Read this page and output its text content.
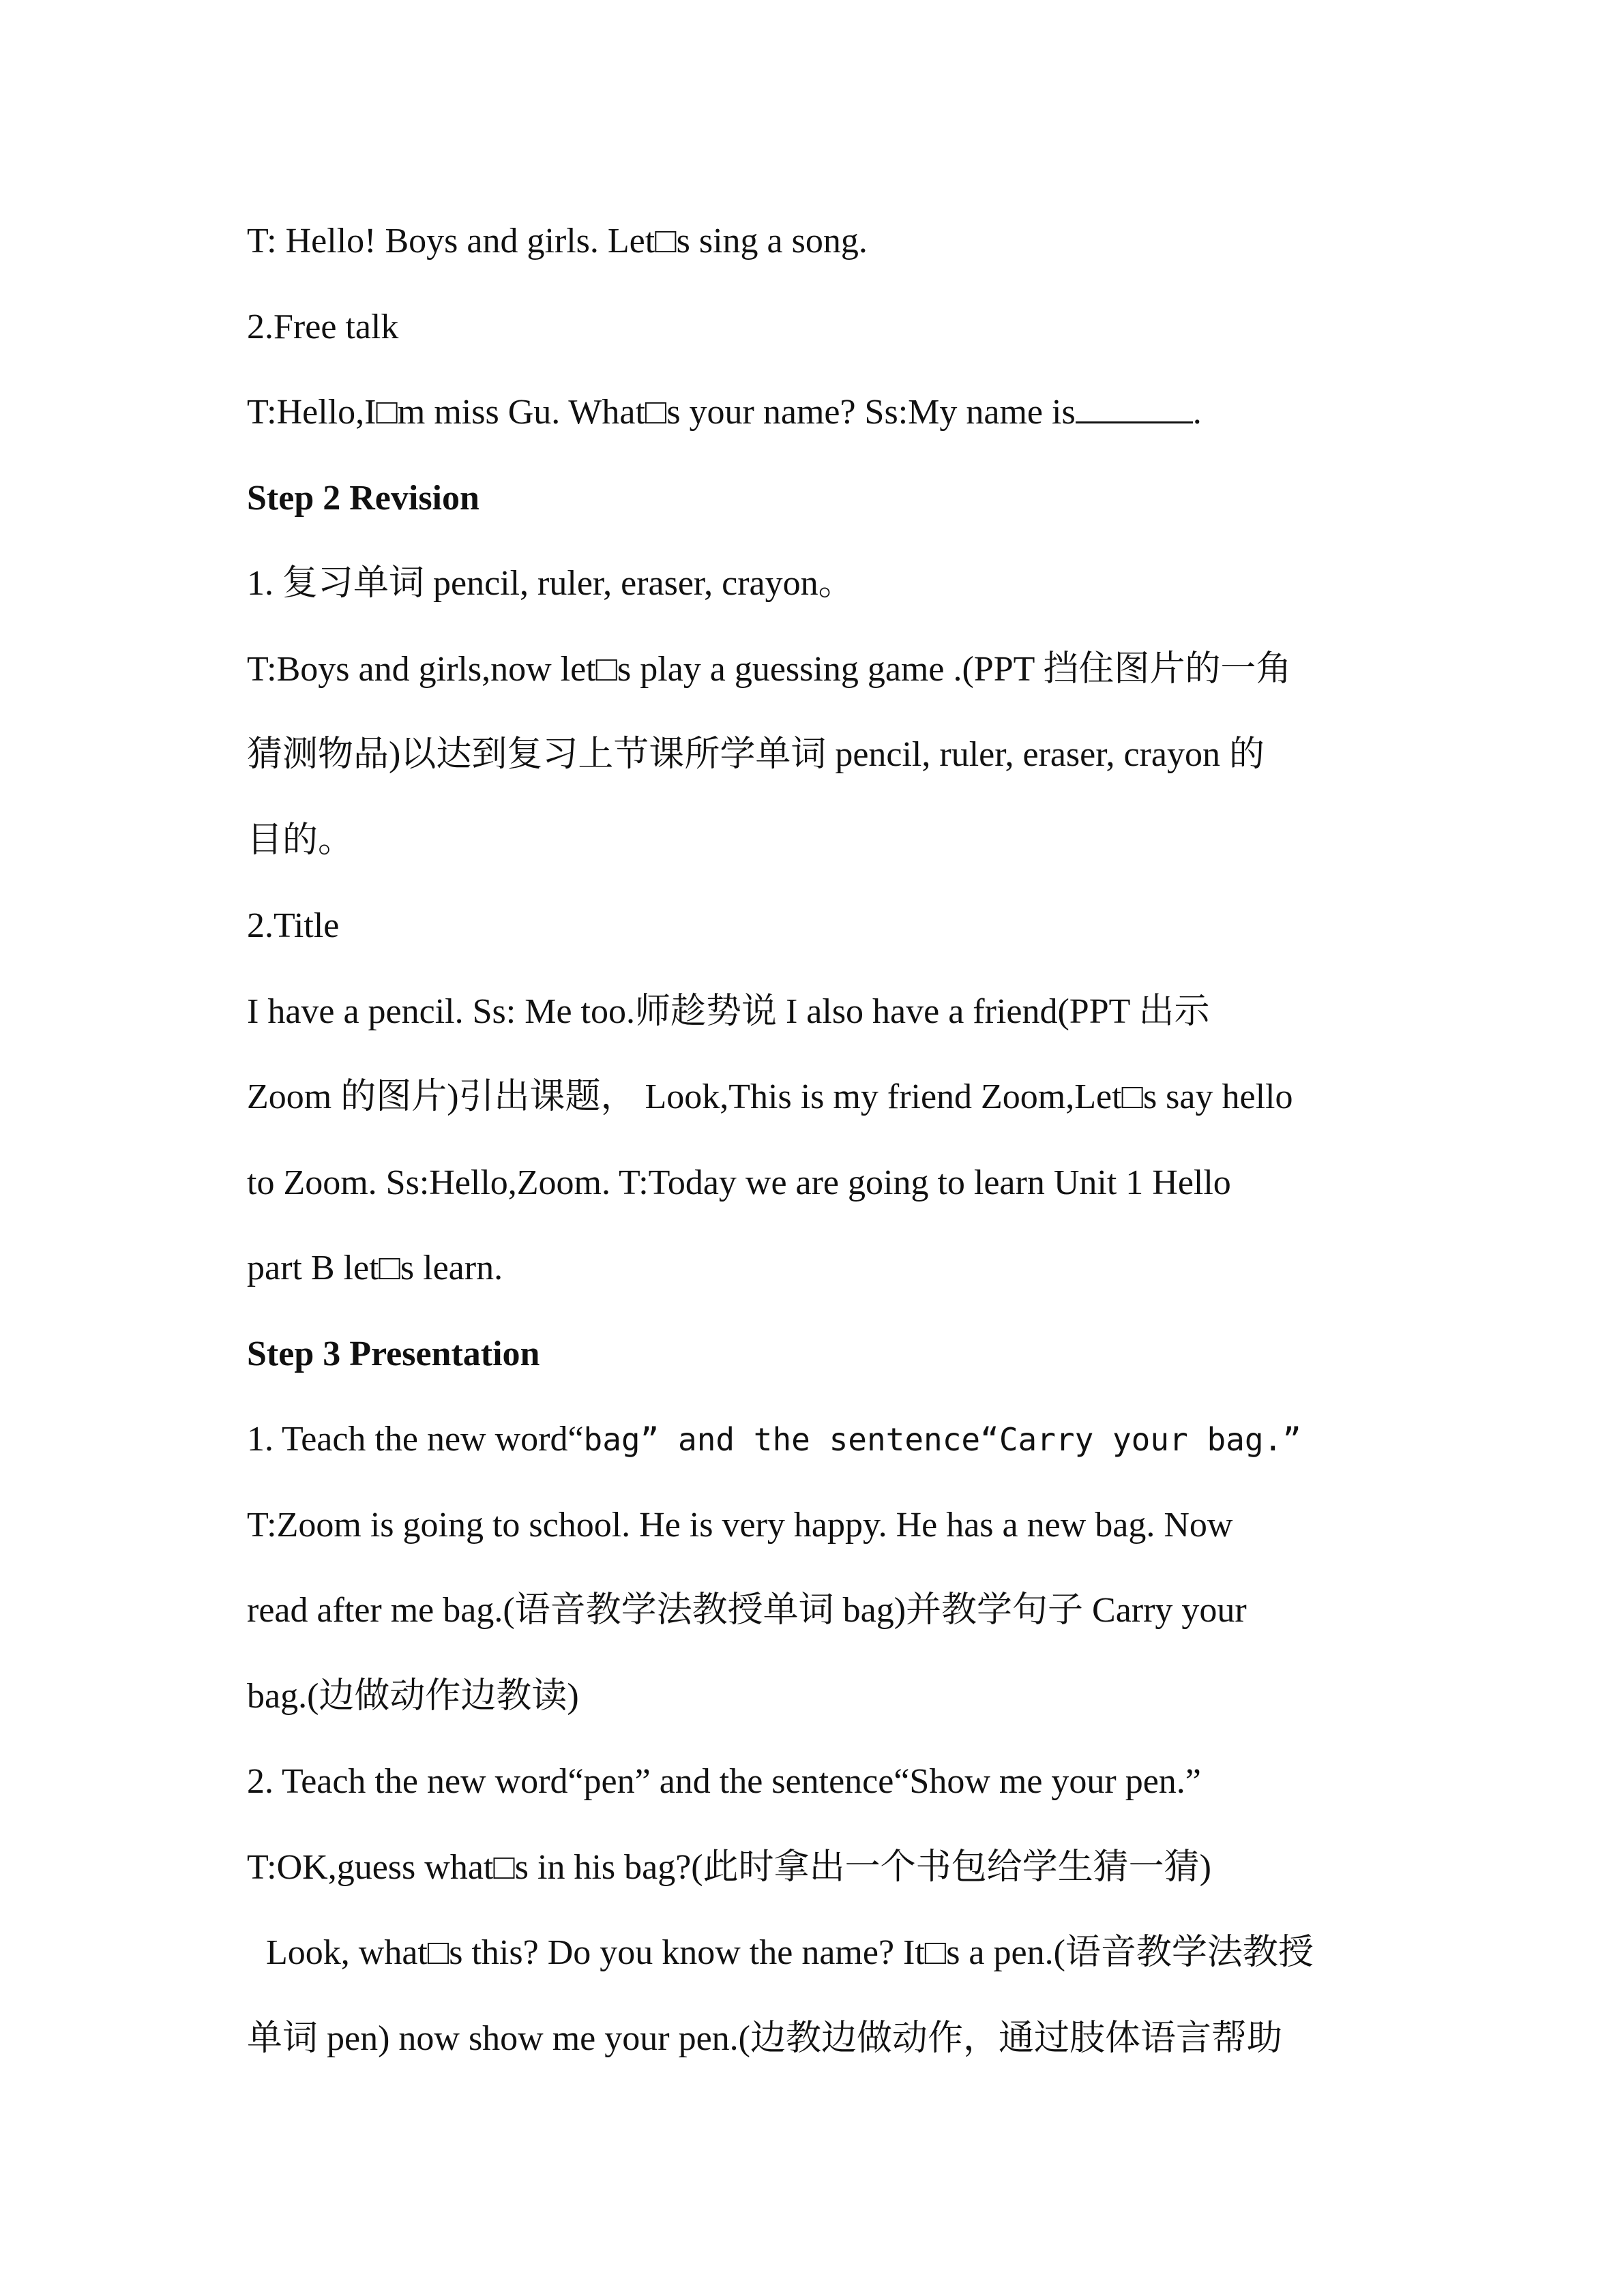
T: Hello! Boys and girls. Let□s sing a song.
2.Free talk
T:Hello,I□m miss Gu. What□s your name? Ss:My name is	.
Step 2 Revision
1. 复习单词 pencil, ruler, eraser, crayon。
T:Boys and girls,now let□s play a guessing game .(PPT 挡住图片的一角
猜测物品)以达到复习上节课所学单词 pencil, ruler, eraser, crayon 的
目的。
2.Title
I have a pencil. Ss: Me too.师趁势说 I also have a friend(PPT 出示
Zoom 的图片)引出课题， Look,This is my friend Zoom,Let□s say hello
to Zoom. Ss:Hello,Zoom. T:Today we are going to learn Unit 1 Hello
part B let□s learn.
Step 3 Presentation
1. Teach the new word“bag” and the sentence“Carry your bag.”
T:Zoom is going to school. He is very happy. He has a new bag. Now
read after me bag.(语音教学法教授单词 bag)并教学句子 Carry your
bag.(边做动作边教读)
2. Teach the new word“pen” and the sentence“Show me your pen.”
T:OK,guess what□s in his bag?(此时拿出一个书包给学生猜一猜)
Look, what□s this? Do you know the name? It□s a pen.(语音教学法教授
单词 pen) now show me your pen.(边教边做动作，通过肢体语言帮助
